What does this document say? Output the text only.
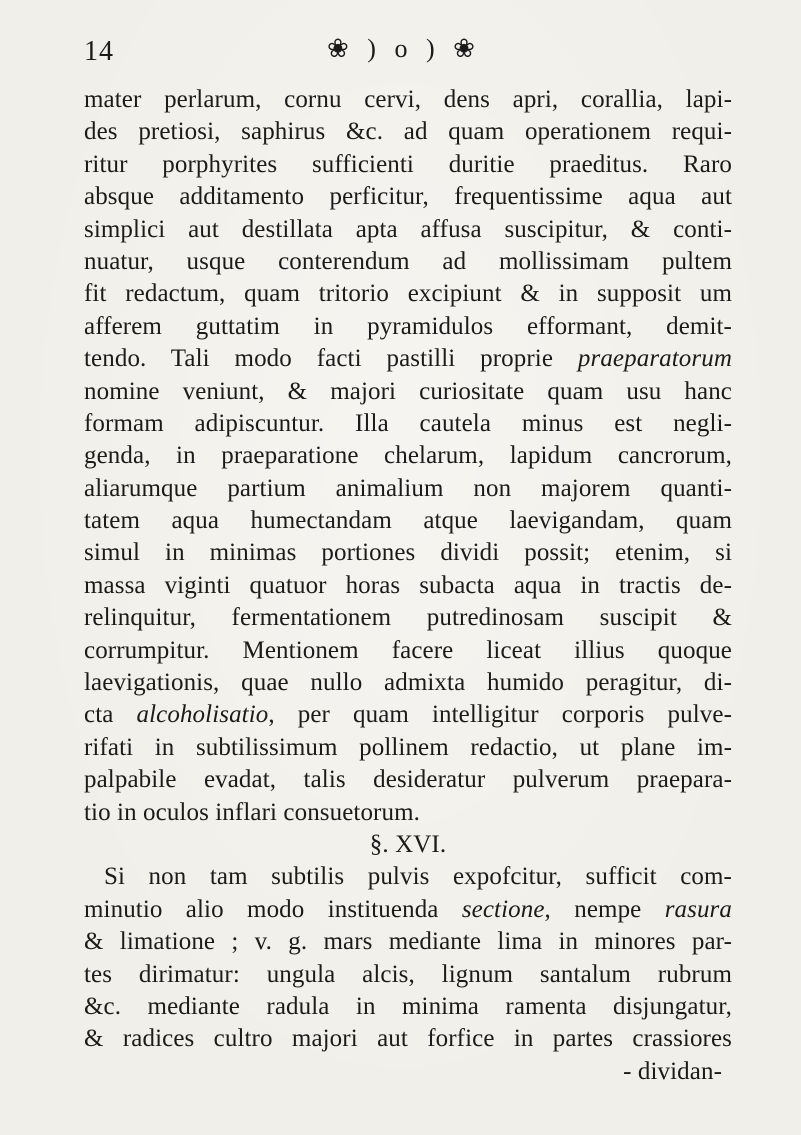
14	❀ ) o ) ❀
mater perlarum, cornu cervi, dens apri, corallia, lapi-
des pretiosi, saphirus &c. ad quam operationem requi-
ritur porphyrites sufficienti duritie praeditus. Raro
absque additamento perficitur, frequentissime aqua aut
simplici aut destillata apta affusa suscipitur, & conti-
nuatur, usque conterendum ad mollissimam pultem
fit redactum, quam tritorio excipiunt & in supposit um
afferem guttatim in pyramidulos efformant, demit-
tendo. Tali modo facti pastilli proprie praeparatorum
nomine veniunt, & majori curiositate quam usu hanc
formam adipiscuntur. Illa cautela minus est negli-
genda, in praeparatione chelarum, lapidum cancrorum,
aliarumque partium animalium non majorem quanti-
tatem aqua humectandam atque laevigandam, quam
simul in minimas portiones dividi possit; etenim, si
massa viginti quatuor horas subacta aqua in tractis de-
relinquitur, fermentationem putredinosam suscipit &
corrumpitur. Mentionem facere liceat illius quoque
laevigationis, quae nullo admixta humido peragitur, di-
cta alcoholisatio, per quam intelligitur corporis pulve-
rifati in subtilissimum pollinem redactio, ut plane im-
palpabile evadat, talis desideratur pulverum praepara-
tio in oculos inflari consuetorum.
§. XVI.
Si non tam subtilis pulvis expofcitur, sufficit com-
minutio alio modo instituenda sectione, nempe rasura
& limatione ; v. g. mars mediante lima in minores par-
tes dirimatur: ungula alcis, lignum santalum rubrum
&c. mediante radula in minima ramenta disjungatur,
& radices cultro majori aut forfice in partes crassiores
- dividan-
